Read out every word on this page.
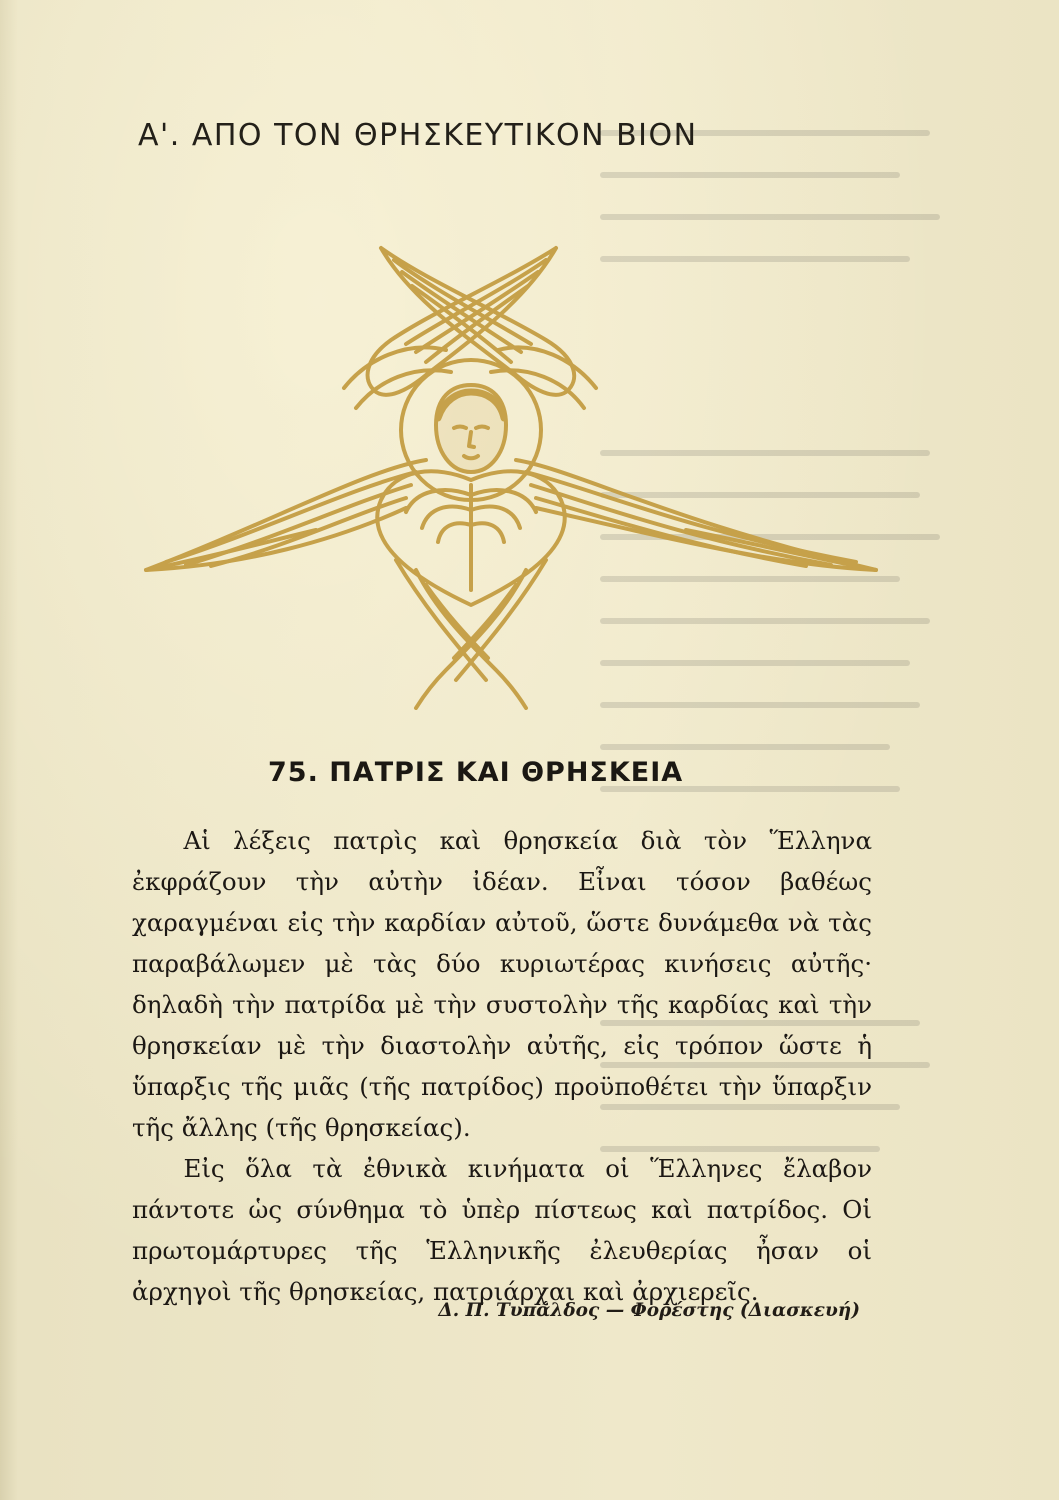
Α'. ΑΠΟ ΤΟΝ ΘΡΗΣΚΕΥΤΙΚΟΝ ΒΙΟΝ
75. ΠΑΤΡΙΣ ΚΑΙ ΘΡΗΣΚΕΙΑ

Αἱ λέξεις πατρὶς καὶ θρησκεία διὰ τὸν Ἕλληνα ἐκφράζουν τὴν αὐτὴν ἰδέαν. Εἶναι τόσον βαθέως χαραγμέναι εἰς τὴν καρδίαν αὐτοῦ, ὥστε δυνάμεθα νὰ τὰς παραβάλωμεν μὲ τὰς δύο κυριωτέρας κινήσεις αὐτῆς· δηλαδὴ τὴν πατρίδα μὲ τὴν συστολὴν τῆς καρδίας καὶ τὴν θρησκείαν μὲ τὴν διαστολὴν αὐτῆς, εἰς τρόπον ὥστε ἡ ὕπαρξις τῆς μιᾶς (τῆς πατρίδος) προϋποθέτει τὴν ὕπαρξιν τῆς ἄλλης (τῆς θρησκείας).

Εἰς ὅλα τὰ ἐθνικὰ κινήματα οἱ Ἕλληνες ἔλαβον πάντοτε ὡς σύνθημα τὸ ὑπὲρ πίστεως καὶ πατρίδος. Οἱ πρωτομάρτυρες τῆς Ἑλληνικῆς ἐλευθερίας ἦσαν οἱ ἀρχηγοὶ τῆς θρησκείας, πατριάρχαι καὶ ἀρχιερεῖς.

Δ. Π. Τυπάλδος — Φορέστης (Διασκευή)
